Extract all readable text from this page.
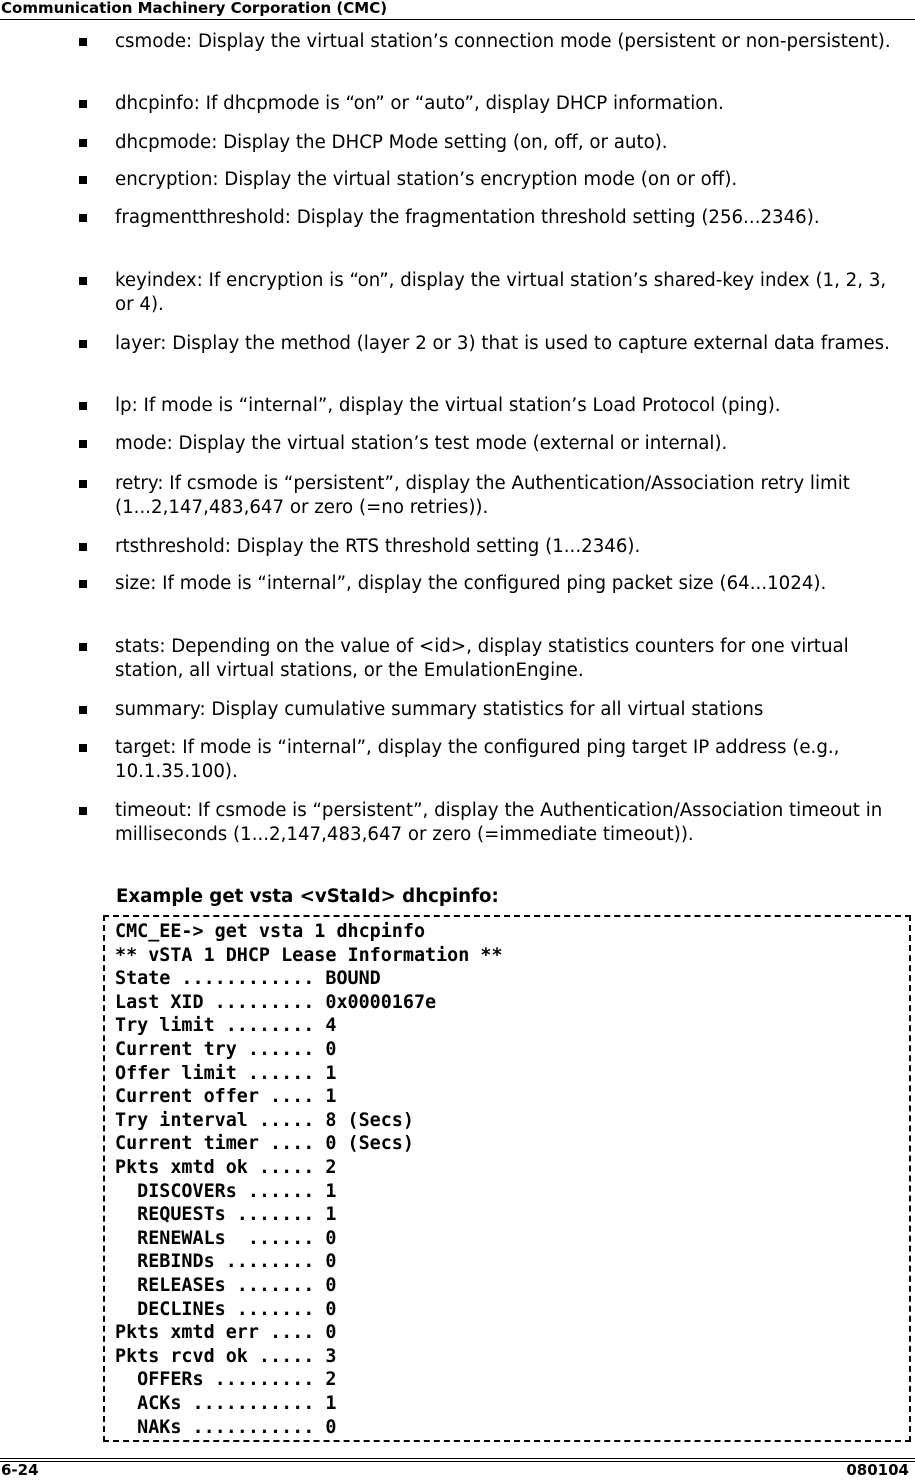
Communication Machinery Corporation (CMC)
csmode: Display the virtual station’s connection mode (persistent or non-persistent).
dhcpinfo: If dhcpmode is “on” or “auto”, display DHCP information.
dhcpmode: Display the DHCP Mode setting (on, off, or auto).
encryption: Display the virtual station’s encryption mode (on or off).
fragmentthreshold: Display the fragmentation threshold setting (256...2346).
keyindex: If encryption is “on”, display the virtual station’s shared-key index (1, 2, 3, or 4).
layer: Display the method (layer 2 or 3) that is used to capture external data frames.
lp: If mode is “internal”, display the virtual station’s Load Protocol (ping).
mode: Display the virtual station’s test mode (external or internal).
retry: If csmode is “persistent”, display the Authentication/Association retry limit (1...2,147,483,647 or zero (=no retries)).
rtsthreshold: Display the RTS threshold setting (1...2346).
size: If mode is “internal”, display the configured ping packet size (64...1024).
stats: Depending on the value of <id>, display statistics counters for one virtual station, all virtual stations, or the EmulationEngine.
summary: Display cumulative summary statistics for all virtual stations
target: If mode is “internal”, display the configured ping target IP address (e.g., 10.1.35.100).
timeout: If csmode is “persistent”, display the Authentication/Association timeout in milliseconds (1...2,147,483,647 or zero (=immediate timeout)).
Example get vsta <vStaId> dhcpinfo:
CMC_EE-> get vsta 1 dhcpinfo
** vSTA 1 DHCP Lease Information **
State ............ BOUND
Last XID ......... 0x0000167e
Try limit ........ 4
Current try ...... 0
Offer limit ...... 1
Current offer .... 1
Try interval ..... 8 (Secs)
Current timer .... 0 (Secs)
Pkts xmtd ok ..... 2
DISCOVERs ...... 1
REQUESTs ....... 1
RENEWALs  ...... 0
REBINDs ........ 0
RELEASEs ....... 0
DECLINEs ....... 0
Pkts xmtd err .... 0
Pkts rcvd ok ..... 3
OFFERs ......... 2
ACKs ........... 1
NAKs ........... 0
6-24	080104
